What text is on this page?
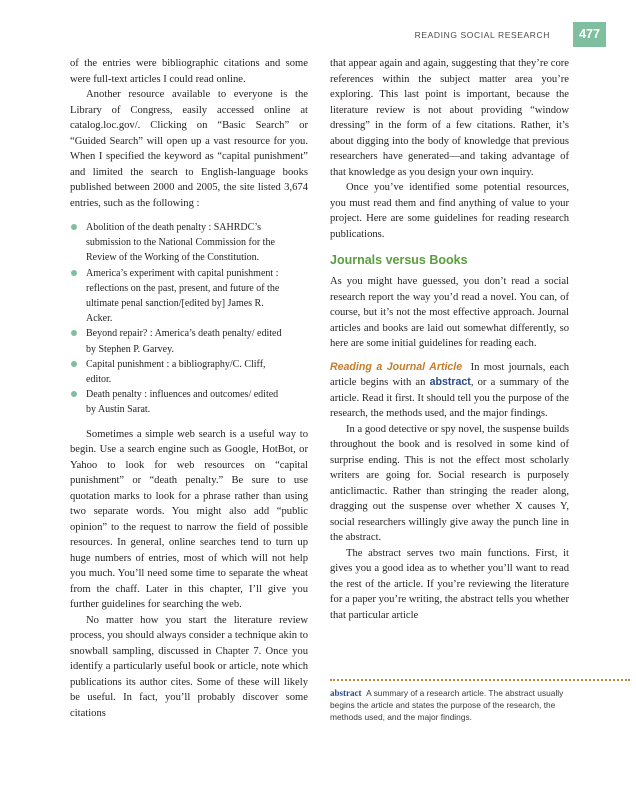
READING SOCIAL RESEARCH	477

of the entries were bibliographic citations and some were full-text articles I could read online.

Another resource available to everyone is the Library of Congress, easily accessed online at catalog.loc.gov/. Clicking on “Basic Search” or “Guided Search” will open up a vast resource for you. When I specified the keyword as “capital punishment” and limited the search to English-language books published between 2000 and 2005, the site listed 3,674 entries, such as the following :

Abolition of the death penalty : SAHRDC’s submission to the National Commission for the Review of the Working of the Constitution.
America’s experiment with capital punishment : reflections on the past, present, and future of the ultimate penal sanction/[edited by] James R. Acker.
Beyond repair? : America’s death penalty/ edited by Stephen P. Garvey.
Capital punishment : a bibliography/C. Cliff, editor.
Death penalty : influences and outcomes/ edited by Austin Sarat.

Sometimes a simple web search is a useful way to begin. Use a search engine such as Google, HotBot, or Yahoo to look for web resources on “capital punishment” or “death penalty.” Be sure to use quotation marks to look for a phrase rather than using two separate words. You might also add “public opinion” to the request to narrow the field of possible resources. In general, online searches tend to turn up huge numbers of entries, most of which will not help you much. You’ll need some time to separate the wheat from the chaff. Later in this chapter, I’ll give you further guidelines for searching the web.

No matter how you start the literature review process, you should always consider a technique akin to snowball sampling, discussed in Chapter 7. Once you identify a particularly useful book or article, note which publications its author cites. Some of these will likely be useful. In fact, you’ll probably discover some citations

that appear again and again, suggesting that they’re core references within the subject matter area you’re exploring. This last point is important, because the literature review is not about providing “window dressing” in the form of a few citations. Rather, it’s about digging into the body of knowledge that previous researchers have generated—and taking advantage of that knowledge as you design your own inquiry.

Once you’ve identified some potential resources, you must read them and find anything of value to your project. Here are some guidelines for reading research publications.

Journals versus Books

As you might have guessed, you don’t read a social research report the way you’d read a novel. You can, of course, but it’s not the most effective approach. Journal articles and books are laid out somewhat differently, so here are some initial guidelines for reading each.

Reading a Journal Article In most journals, each article begins with an abstract, or a summary of the article. Read it first. It should tell you the purpose of the research, the methods used, and the major findings.

In a good detective or spy novel, the suspense builds throughout the book and is resolved in some kind of surprise ending. This is not the effect most scholarly writers are going for. Social research is purposely anticlimactic. Rather than stringing the reader along, dragging out the suspense over whether X causes Y, social researchers willingly give away the punch line in the abstract.

The abstract serves two main functions. First, it gives you a good idea as to whether you’ll want to read the rest of the article. If you’re reviewing the literature for a paper you’re writing, the abstract tells you whether that particular article

abstract A summary of a research article. The abstract usually begins the article and states the purpose of the research, the methods used, and the major findings.
